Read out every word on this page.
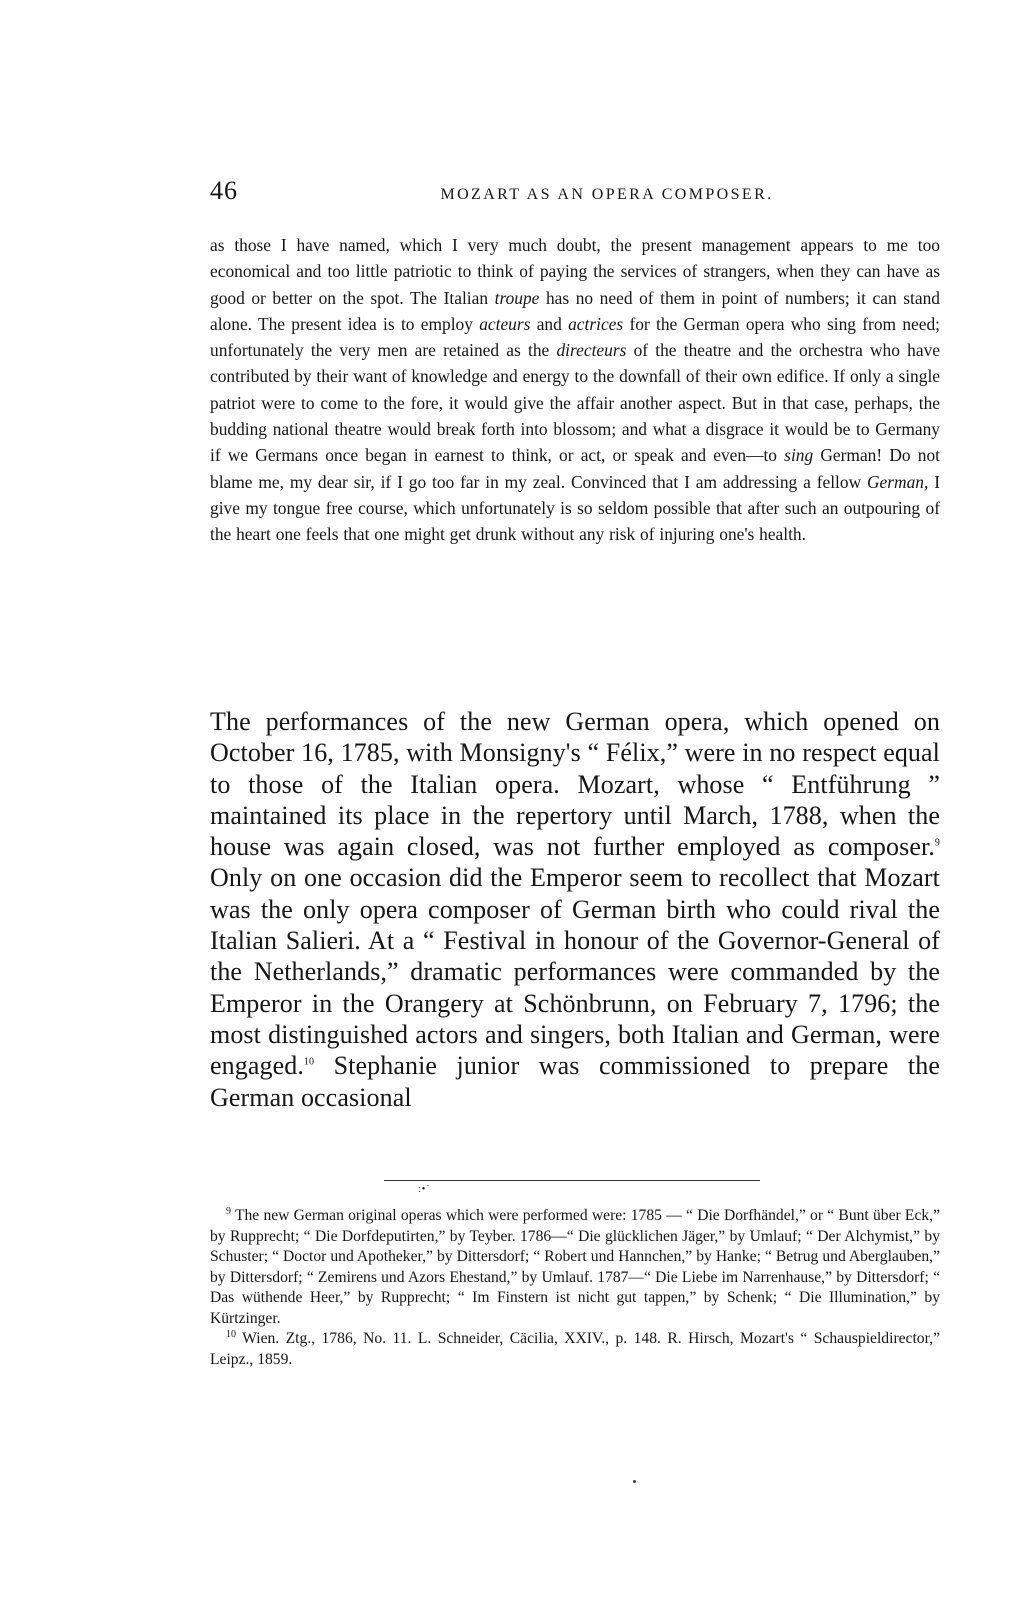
46	MOZART AS AN OPERA COMPOSER.

as those I have named, which I very much doubt, the present management appears to me too economical and too little patriotic to think of paying the services of strangers, when they can have as good or better on the spot. The Italian troupe has no need of them in point of numbers; it can stand alone. The present idea is to employ acteurs and actrices for the German opera who sing from need; unfortunately the very men are retained as the directeurs of the theatre and the orchestra who have contributed by their want of knowledge and energy to the downfall of their own edifice. If only a single patriot were to come to the fore, it would give the affair another aspect. But in that case, perhaps, the budding national theatre would break forth into blossom; and what a disgrace it would be to Germany if we Germans once began in earnest to think, or act, or speak and even—to sing German! Do not blame me, my dear sir, if I go too far in my zeal. Convinced that I am addressing a fellow German, I give my tongue free course, which unfortunately is so seldom possible that after such an outpouring of the heart one feels that one might get drunk without any risk of injuring one's health.

The performances of the new German opera, which opened on October 16, 1785, with Monsigny's “ Félix,” were in no respect equal to those of the Italian opera. Mozart, whose “ Entführung ” maintained its place in the repertory until March, 1788, when the house was again closed, was not further employed as composer.$^9$ Only on one occasion did the Emperor seem to recollect that Mozart was the only opera composer of German birth who could rival the Italian Salieri. At a “ Festival in honour of the Governor-General of the Netherlands,” dramatic performances were commanded by the Emperor in the Orangery at Schönbrunn, on February 7, 1796; the most distinguished actors and singers, both Italian and German, were engaged.$^{10}$ Stephanie junior was commissioned to prepare the German occasional

:•˙

$^9$ The new German original operas which were performed were: 1785 — “ Die Dorfhändel,” or “ Bunt über Eck,” by Rupprecht; “ Die Dorfdeputirten,” by Teyber. 1786—“ Die glücklichen Jäger,” by Umlauf; “ Der Alchymist,” by Schuster; “ Doctor und Apotheker,” by Dittersdorf; “ Robert und Hannchen,” by Hanke; “ Betrug und Aberglauben,” by Dittersdorf; “ Zemirens und Azors Ehestand,” by Umlauf. 1787—“ Die Liebe im Narrenhause,” by Dittersdorf; “ Das wüthende Heer,” by Rupprecht; “ Im Finstern ist nicht gut tappen,” by Schenk; “ Die Illumination,” by Kürtzinger.

$^{10}$ Wien. Ztg., 1786, No. 11. L. Schneider, Cäcilia, XXIV., p. 148. R. Hirsch, Mozart's “ Schauspieldirector,” Leipz., 1859.
